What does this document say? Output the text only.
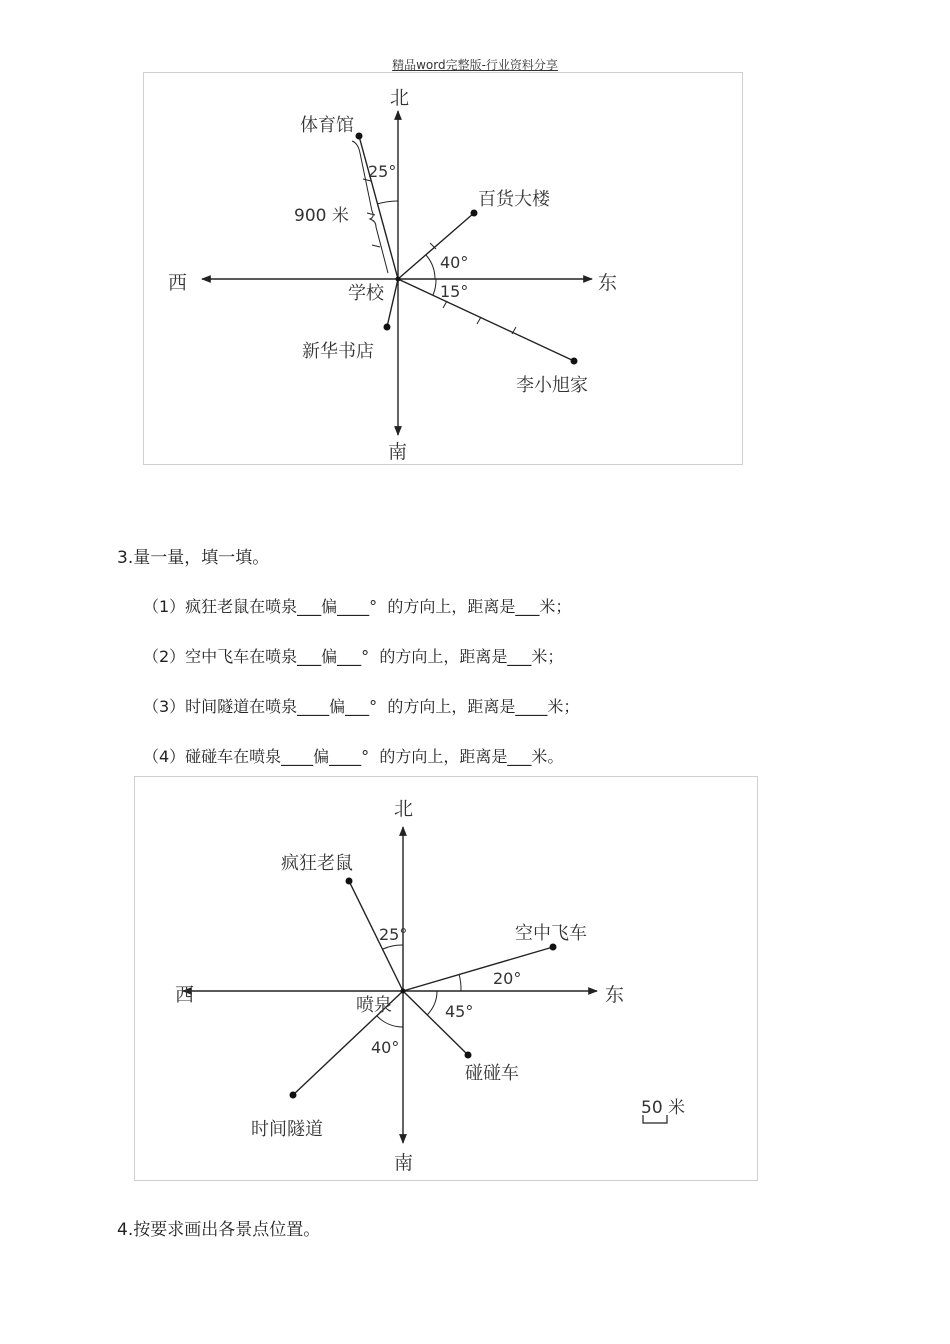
精品word完整版-行业资料分享
北
南
东
西	学校
体育馆
百货大楼
新华书店
李小旭家
900 米
25°
40°
15°
3.量一量，填一填。
（1）疯狂老鼠在喷泉___偏____°  的方向上，距离是___米；
（2）空中飞车在喷泉___偏___°  的方向上，距离是___米；
（3）时间隧道在喷泉____偏___°  的方向上，距离是____米；
（4）碰碰车在喷泉____偏____°  的方向上，距离是___米。
北
南
东
西	喷泉
疯狂老鼠
空中飞车
碰碰车
时间隧道
25°
20°
45°
40°
50 米
4.按要求画出各景点位置。
